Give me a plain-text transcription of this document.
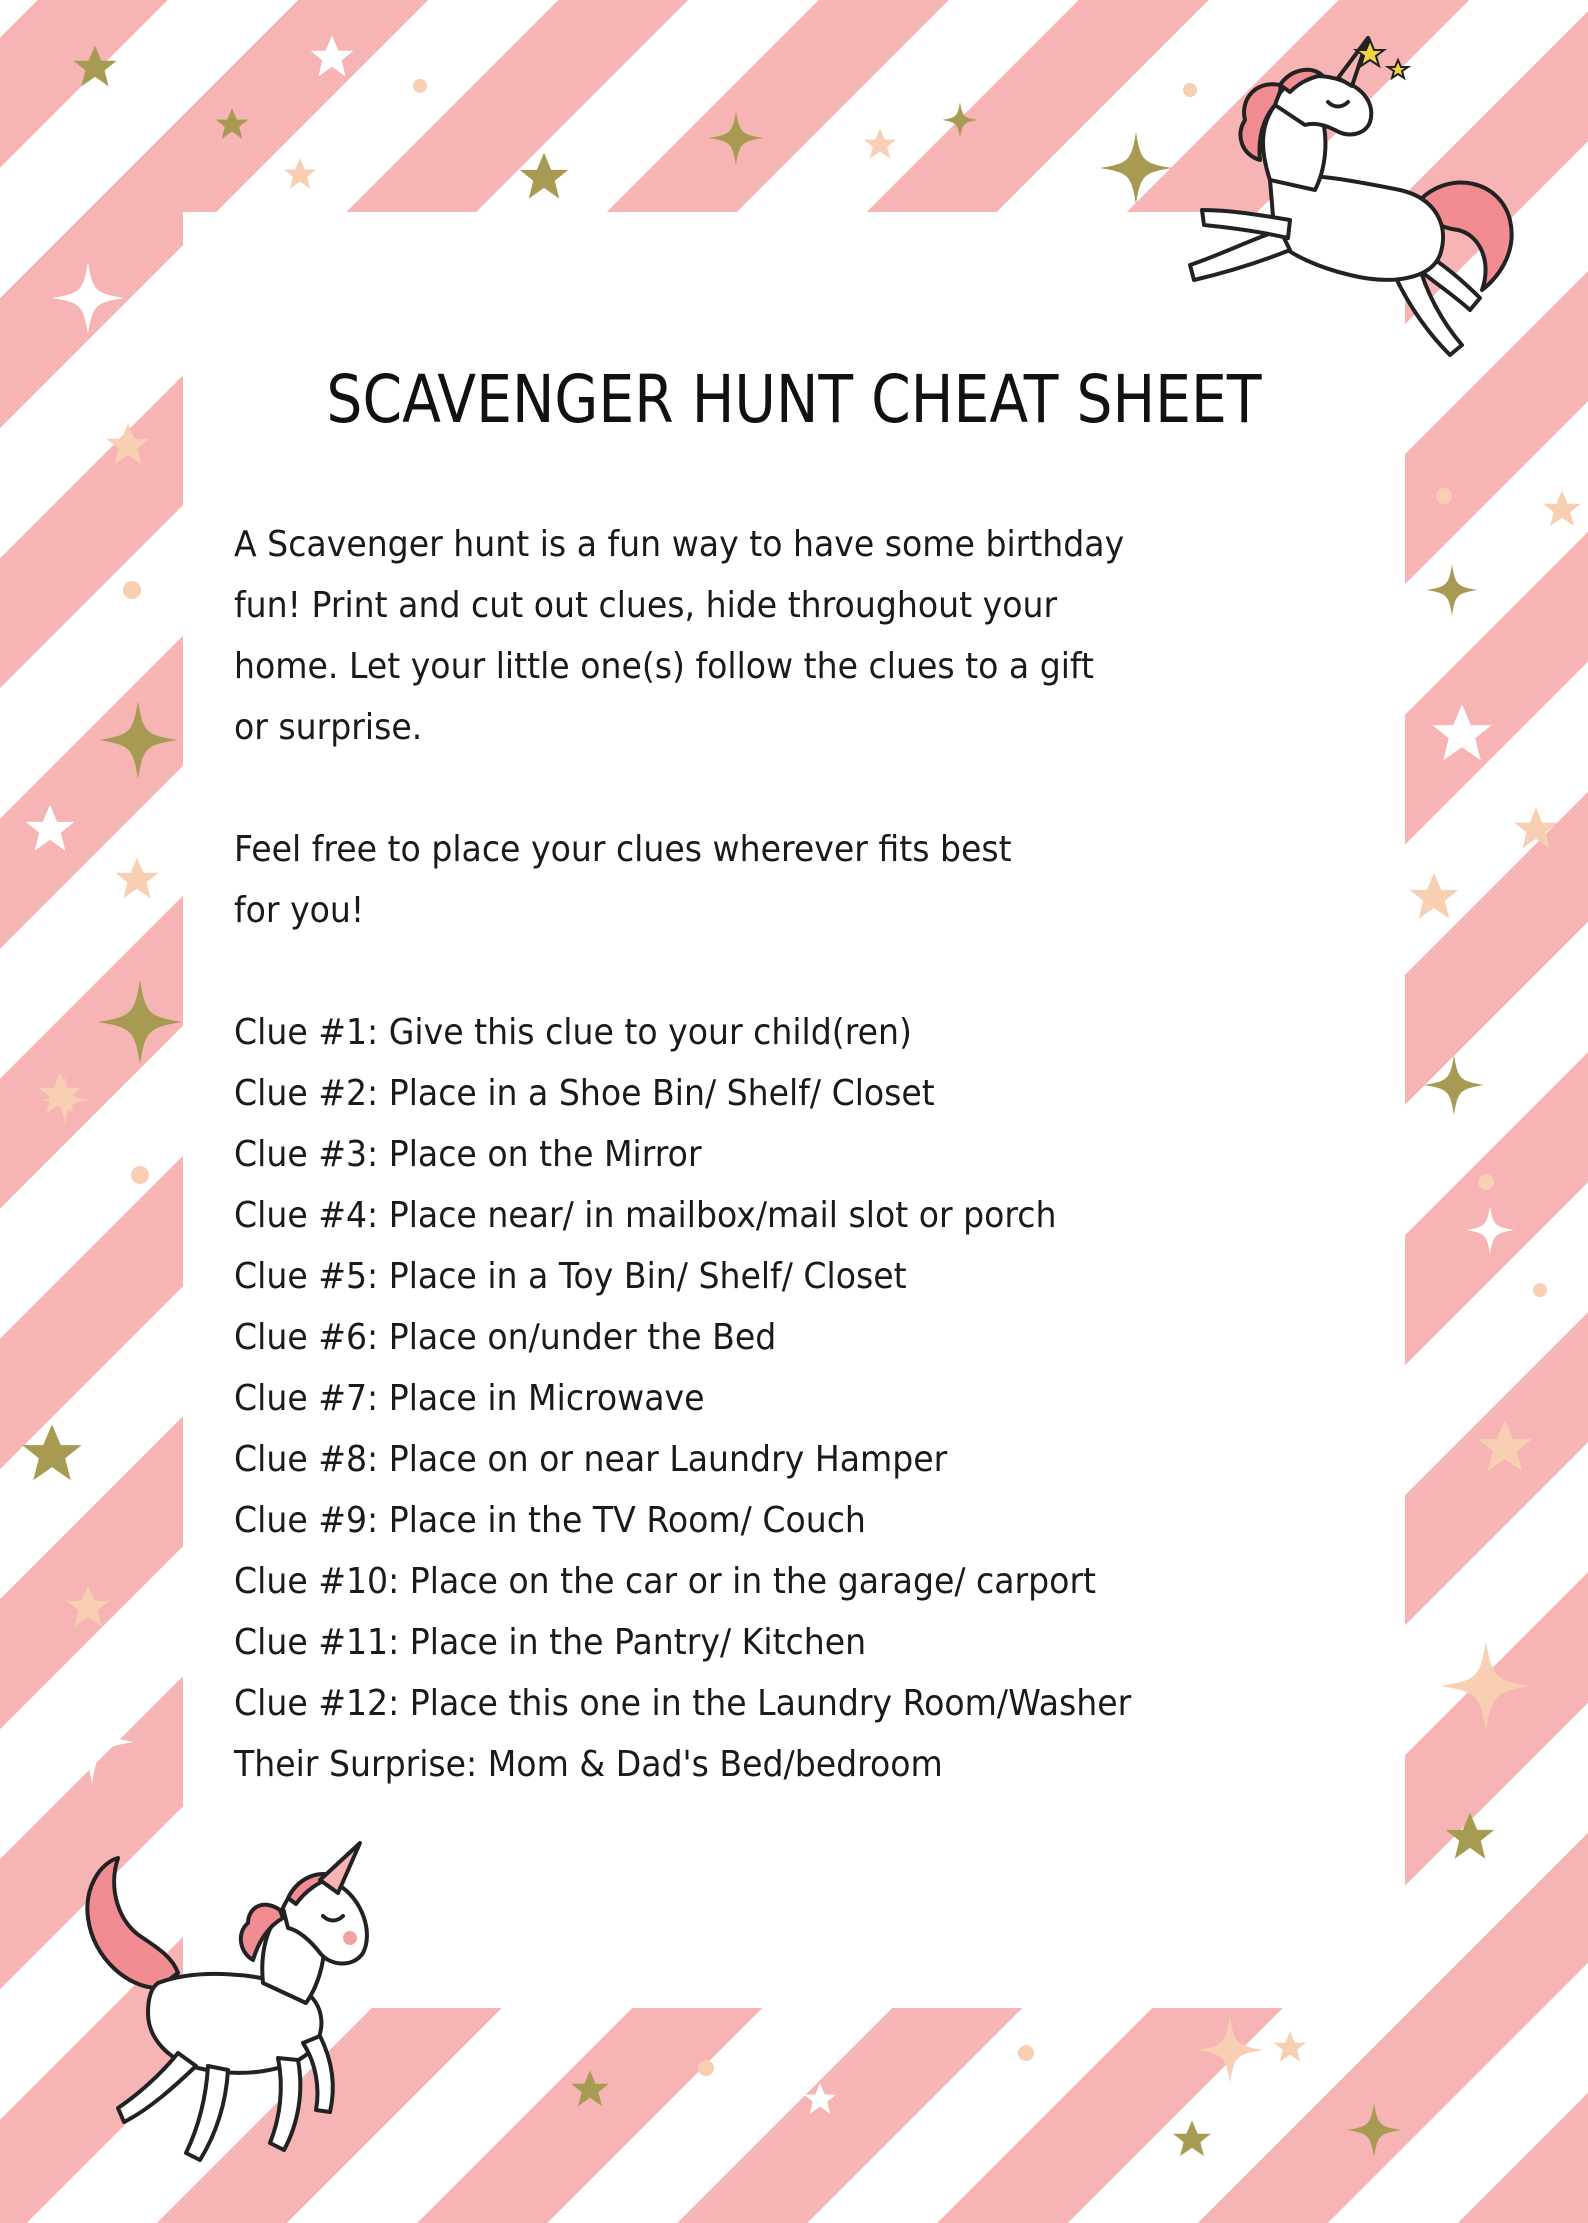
SCAVENGER HUNT CHEAT SHEET

A Scavenger hunt is a fun way to have some birthday

fun! Print and cut out clues, hide throughout your

home. Let your little one(s) follow the clues to a gift

or surprise.

Feel free to place your clues wherever fits best

for you!

Clue #1: Give this clue to your child(ren)
Clue #2: Place in a Shoe Bin/ Shelf/ Closet
Clue #3: Place on the Mirror
Clue #4: Place near/ in mailbox/mail slot or porch
Clue #5: Place in a Toy Bin/ Shelf/ Closet
Clue #6: Place on/under the Bed
Clue #7: Place in Microwave
Clue #8: Place on or near Laundry Hamper
Clue #9: Place in the TV Room/ Couch
Clue #10: Place on the car or in the garage/ carport
Clue #11: Place in the Pantry/ Kitchen
Clue #12: Place this one in the Laundry Room/Washer
Their Surprise: Mom & Dad's Bed/bedroom
